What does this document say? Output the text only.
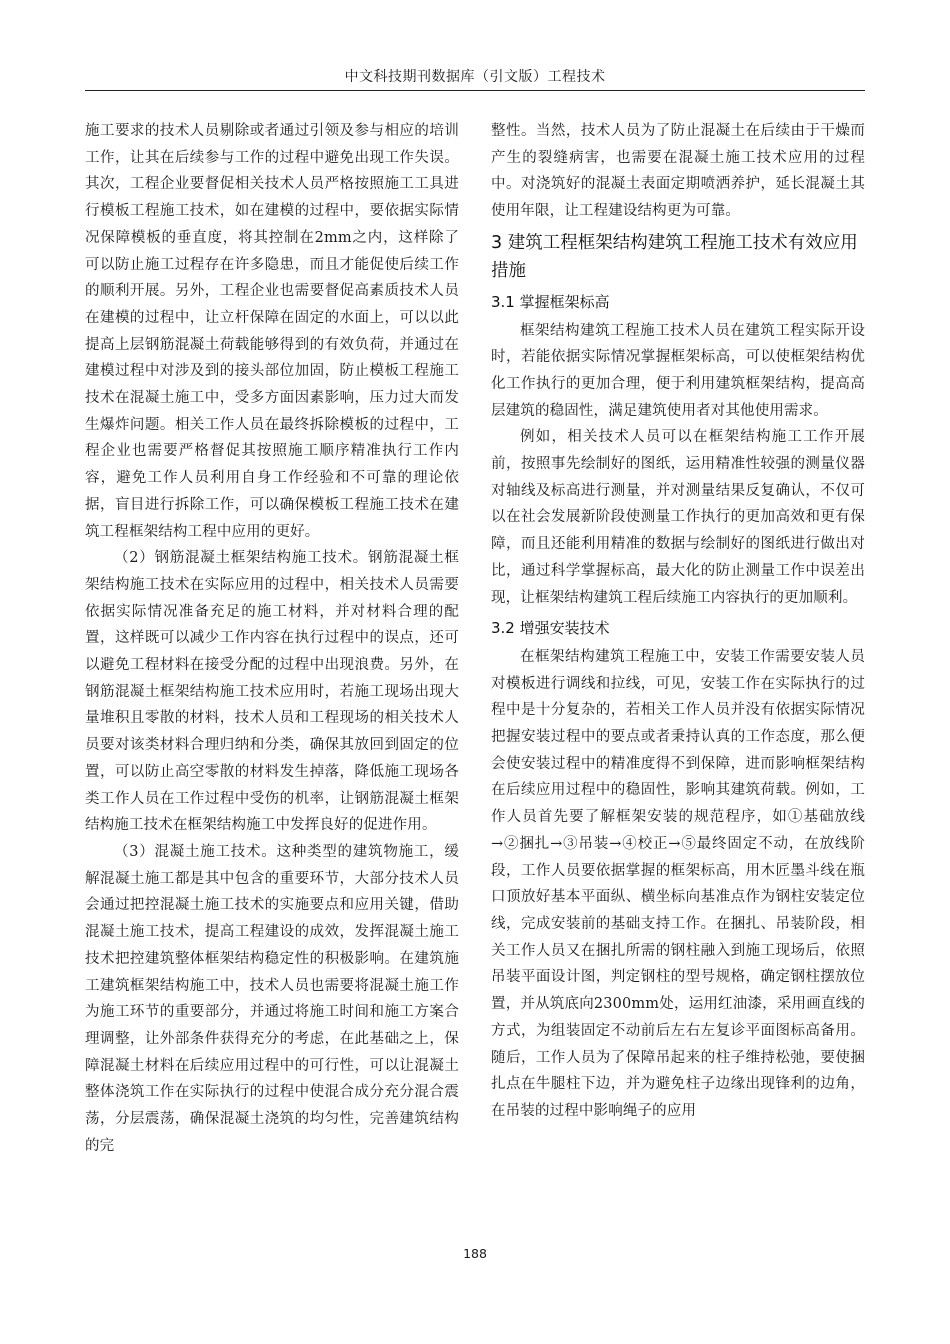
中文科技期刊数据库（引文版）工程技术

施工要求的技术人员剔除或者通过引领及参与相应的培训工作，让其在后续参与工作的过程中避免出现工作失误。其次，工程企业要督促相关技术人员严格按照施工工具进行模板工程施工技术，如在建模的过程中，要依据实际情况保障模板的垂直度，将其控制在2mm之内，这样除了可以防止施工过程存在许多隐患，而且才能促使后续工作的顺利开展。另外，工程企业也需要督促高素质技术人员在建模的过程中，让立杆保障在固定的水面上，可以以此提高上层钢筋混凝土荷载能够得到的有效负荷，并通过在建模过程中对涉及到的接头部位加固，防止模板工程施工技术在混凝土施工中，受多方面因素影响，压力过大而发生爆炸问题。相关工作人员在最终拆除模板的过程中，工程企业也需要严格督促其按照施工顺序精准执行工作内容，避免工作人员利用自身工作经验和不可靠的理论依据，盲目进行拆除工作，可以确保模板工程施工技术在建筑工程框架结构工程中应用的更好。

（2）钢筋混凝土框架结构施工技术。钢筋混凝土框架结构施工技术在实际应用的过程中，相关技术人员需要依据实际情况准备充足的施工材料，并对材料合理的配置，这样既可以减少工作内容在执行过程中的误点，还可以避免工程材料在接受分配的过程中出现浪费。另外，在钢筋混凝土框架结构施工技术应用时，若施工现场出现大量堆积且零散的材料，技术人员和工程现场的相关技术人员要对该类材料合理归纳和分类，确保其放回到固定的位置，可以防止高空零散的材料发生掉落，降低施工现场各类工作人员在工作过程中受伤的机率，让钢筋混凝土框架结构施工技术在框架结构施工中发挥良好的促进作用。

（3）混凝土施工技术。这种类型的建筑物施工，缓解混凝土施工都是其中包含的重要环节，大部分技术人员会通过把控混凝土施工技术的实施要点和应用关键，借助混凝土施工技术，提高工程建设的成效，发挥混凝土施工技术把控建筑整体框架结构稳定性的积极影响。在建筑施工建筑框架结构施工中，技术人员也需要将混凝土施工作为施工环节的重要部分，并通过将施工时间和施工方案合理调整，让外部条件获得充分的考虑，在此基础之上，保障混凝土材料在后续应用过程中的可行性，可以让混凝土整体浇筑工作在实际执行的过程中使混合成分充分混合震荡，分层震荡，确保混凝土浇筑的均匀性，完善建筑结构的完

整性。当然，技术人员为了防止混凝土在后续由于干燥而产生的裂缝病害，也需要在混凝土施工技术应用的过程中。对浇筑好的混凝土表面定期喷洒养护，延长混凝土其使用年限，让工程建设结构更为可靠。

3 建筑工程框架结构建筑工程施工技术有效应用措施
3.1 掌握框架标高

框架结构建筑工程施工技术人员在建筑工程实际开设时，若能依据实际情况掌握框架标高，可以使框架结构优化工作执行的更加合理，便于利用建筑框架结构，提高高层建筑的稳固性，满足建筑使用者对其他使用需求。

例如，相关技术人员可以在框架结构施工工作开展前，按照事先绘制好的图纸，运用精准性较强的测量仪器对轴线及标高进行测量，并对测量结果反复确认，不仅可以在社会发展新阶段使测量工作执行的更加高效和更有保障，而且还能利用精准的数据与绘制好的图纸进行做出对比，通过科学掌握标高，最大化的防止测量工作中误差出现，让框架结构建筑工程后续施工内容执行的更加顺利。

3.2 增强安装技术

在框架结构建筑工程施工中，安装工作需要安装人员对模板进行调线和拉线，可见，安装工作在实际执行的过程中是十分复杂的，若相关工作人员并没有依据实际情况把握安装过程中的要点或者秉持认真的工作态度，那么便会使安装过程中的精准度得不到保障，进而影响框架结构在后续应用过程中的稳固性，影响其建筑荷载。例如，工作人员首先要了解框架安装的规范程序，如①基础放线→②捆扎→③吊装→④校正→⑤最终固定不动，在放线阶段，工作人员要依据掌握的框架标高，用木匠墨斗线在瓶口顶放好基本平面纵、横坐标向基准点作为钢柱安装定位线，完成安装前的基础支持工作。在捆扎、吊装阶段，相关工作人员又在捆扎所需的钢柱融入到施工现场后，依照吊装平面设计图，判定钢柱的型号规格，确定钢柱摆放位置，并从筑底向2300mm处，运用红油漆，采用画直线的方式，为组装固定不动前后左右左复诊平面图标高备用。随后，工作人员为了保障吊起来的柱子维持松弛，要使捆扎点在牛腿柱下边，并为避免柱子边缘出现锋利的边角，在吊装的过程中影响绳子的应用

188
